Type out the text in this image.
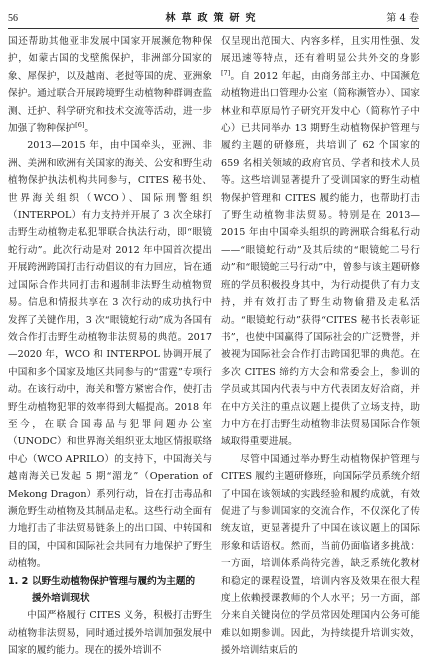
56	林草政策研究	第 4 卷

国还帮助其他亚非发展中国家开展濒危物种保护，如蒙古国的戈壁熊保护，非洲部分国家的象、犀保护，以及越南、老挝等国的虎、亚洲象保护。通过联合开展跨境野生动植物种群调查监测、迁护、科学研究和技术交流等活动，进一步加强了物种保护[6]。

2013—2015 年，由中国牵头，亚洲、非洲、美洲和欧洲有关国家的海关、公安和野生动植物保护执法机构共同参与，CITES 秘书处、世界海关组织（WCO）、国际刑警组织（INTERPOL）有力支持并开展了 3 次全球打击野生动植物走私犯罪联合执法行动，即“眼镜蛇行动”。此次行动是对 2012 年中国首次提出开展跨洲跨国打击行动倡议的有力回应，旨在通过国际合作共同打击和遏制非法野生动植物贸易。信息和情报共享在 3 次行动的成功执行中发挥了关键作用，3 次“眼镜蛇行动”成为各国有效合作打击野生动植物非法贸易的典范。2017—2020 年，WCO 和 INTERPOL 协调开展了中国和多个国家及地区共同参与的“雷霆”专项行动。在该行动中，海关和警方紧密合作，使打击野生动植物犯罪的效率得到大幅提高。2018 年至今，在联合国毒品与犯罪问题办公室（UNODC）和世界海关组织亚太地区情报联络中心（WCO APRILO）的支持下，中国海关与越南海关已发起 5 期“湄龙”（Operation of Mekong Dragon）系列行动，旨在打击毒品和濒危野生动植物及其制品走私。这些行动全面有力地打击了非法贸易链条上的出口国、中转国和目的国，中国和国际社会共同有力地保护了野生动植物。

1. 2 以野生动植物保护管理与履约为主题的
援外培训现状

中国严格履行 CITES 义务，积极打击野生动植物非法贸易，同时通过援外培训加强发展中国家的履约能力。现在的援外培训不

仅呈现出范围大、内容多样，且实用性强、发展迅速等特点，还有着明显公共外交的身影[7]。自 2012 年起，由商务部主办、中国濒危动植物进出口管理办公室（简称濒管办）、国家林业和草原局竹子研究开发中心（简称竹子中心）已共同举办 13 期野生动植物保护管理与履约主题的研修班，共培训了 62 个国家的 659 名相关领域的政府官员、学者和技术人员等。这些培训显著提升了受训国家的野生动植物保护管理和 CITES 履约能力，也帮助打击了野生动植物非法贸易。特别是在 2013—2015 年由中国牵头组织的跨洲联合缉私行动——“眼镜蛇行动”及其后续的“眼镜蛇二号行动”和“眼镜蛇三号行动”中，曾参与该主题研修班的学员积极投身其中，为行动提供了有力支持，并有效打击了野生动物偷猎及走私活动。“眼镜蛇行动”获得“CITES 秘书长表彰证书”，也使中国赢得了国际社会的广泛赞誉，并被视为国际社会合作打击跨国犯罪的典范。在多次 CITES 缔约方大会和常委会上，参训的学员或其国内代表与中方代表团友好洽商，并在中方关注的重点议题上提供了立场支持，助力中方在打击野生动植物非法贸易国际合作领域取得重要进展。

尽管中国通过举办野生动植物保护管理与 CITES 履约主题研修班，向国际学员系统介绍了中国在该领域的实践经验和履约成就，有效促进了与参训国家的交流合作，不仅深化了传统友谊，更显著提升了中国在该议题上的国际形象和话语权。然而，当前仍面临诸多挑战：一方面，培训体系尚待完善，缺乏系统化教材和稳定的课程设置，培训内容及效果在很大程度上依赖授课教师的个人水平；另一方面，部分来自关键岗位的学员常因处理国内公务可能难以如期参训。因此，为持续提升培训实效，援外培训结束后的
